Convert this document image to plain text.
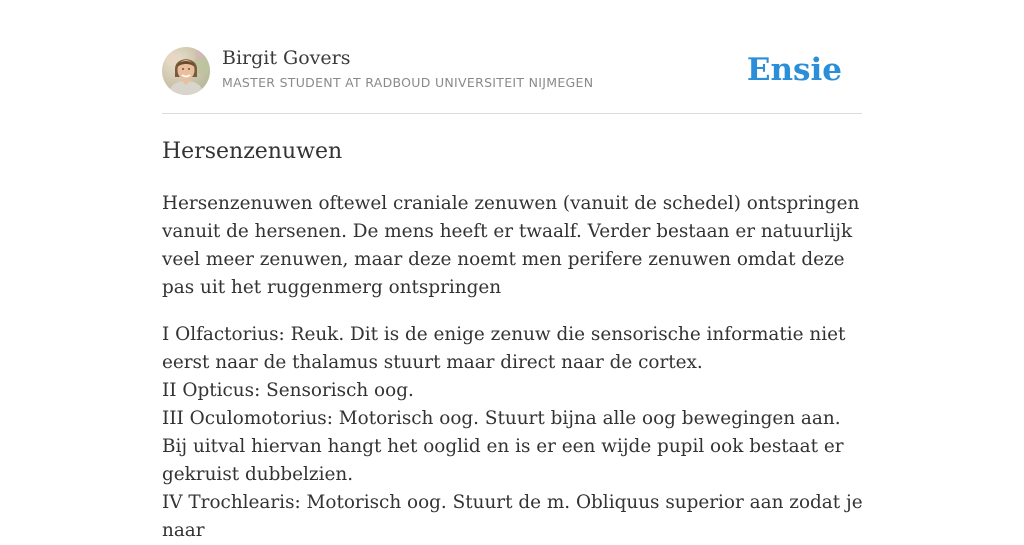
Birgit Govers
MASTER STUDENT AT RADBOUD UNIVERSITEIT NIJMEGEN	Ensie
Hersenzenuwen

Hersenzenuwen oftewel craniale zenuwen (vanuit de schedel) ontspringen vanuit de hersenen. De mens heeft er twaalf. Verder bestaan er natuurlijk veel meer zenuwen, maar deze noemt men perifere zenuwen omdat deze pas uit het ruggenmerg ontspringen

I Olfactorius: Reuk. Dit is de enige zenuw die sensorische informatie niet eerst naar de thalamus stuurt maar direct naar de cortex.

II Opticus: Sensorisch oog.

III Oculomotorius: Motorisch oog. Stuurt bijna alle oog bewegingen aan. Bij uitval hiervan hangt het ooglid en is er een wijde pupil ook bestaat er gekruist dubbelzien.

IV Trochlearis: Motorisch oog. Stuurt de m. Obliquus superior aan zodat je naar
